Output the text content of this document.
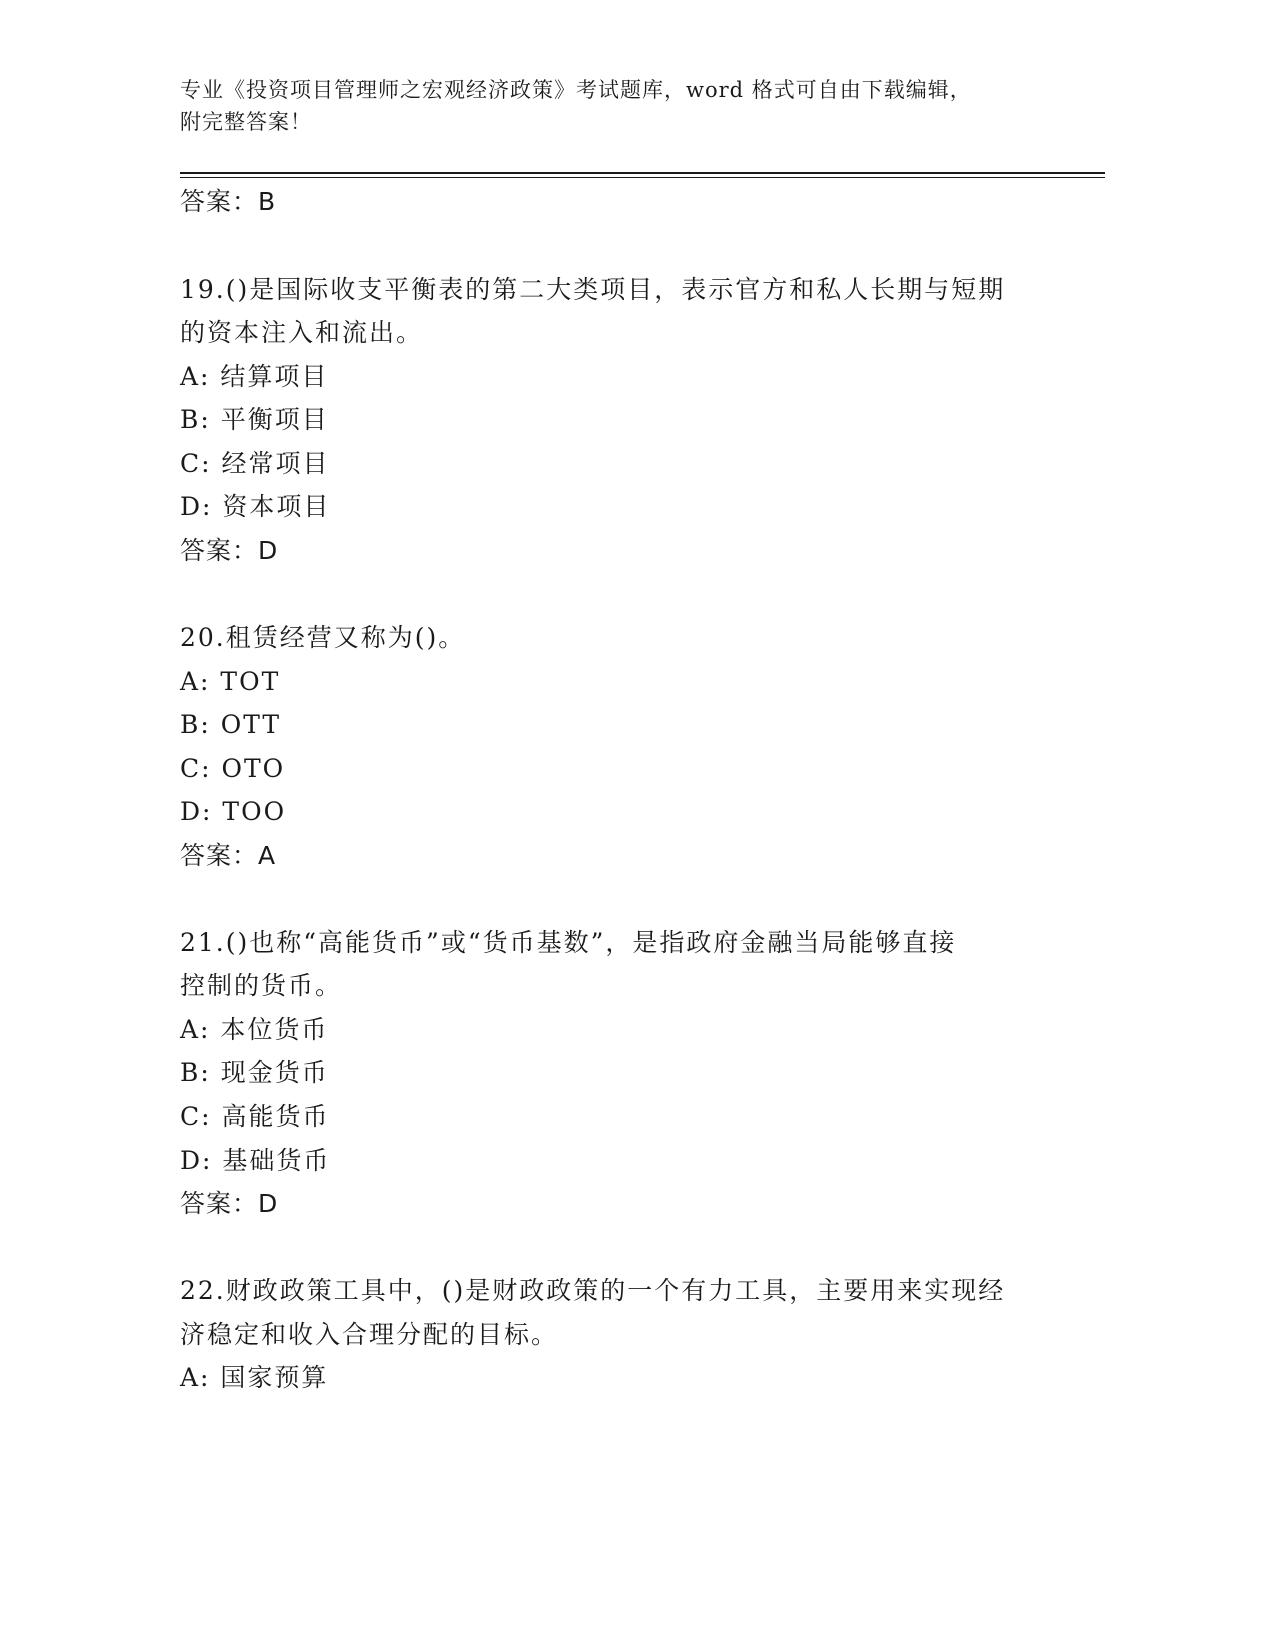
专业《投资项目管理师之宏观经济政策》考试题库，word 格式可自由下载编辑，
附完整答案！
答案：B
19.()是国际收支平衡表的第二大类项目，表示官方和私人长期与短期
的资本注入和流出。
A: 结算项目
B: 平衡项目
C: 经常项目
D: 资本项目
答案：D
20.租赁经营又称为()。
A: TOT
B: OTT
C: OTO
D: TOO
答案：A
21.()也称“高能货币”或“货币基数”，是指政府金融当局能够直接
控制的货币。
A: 本位货币
B: 现金货币
C: 高能货币
D: 基础货币
答案：D
22.财政政策工具中，()是财政政策的一个有力工具，主要用来实现经
济稳定和收入合理分配的目标。
A: 国家预算
